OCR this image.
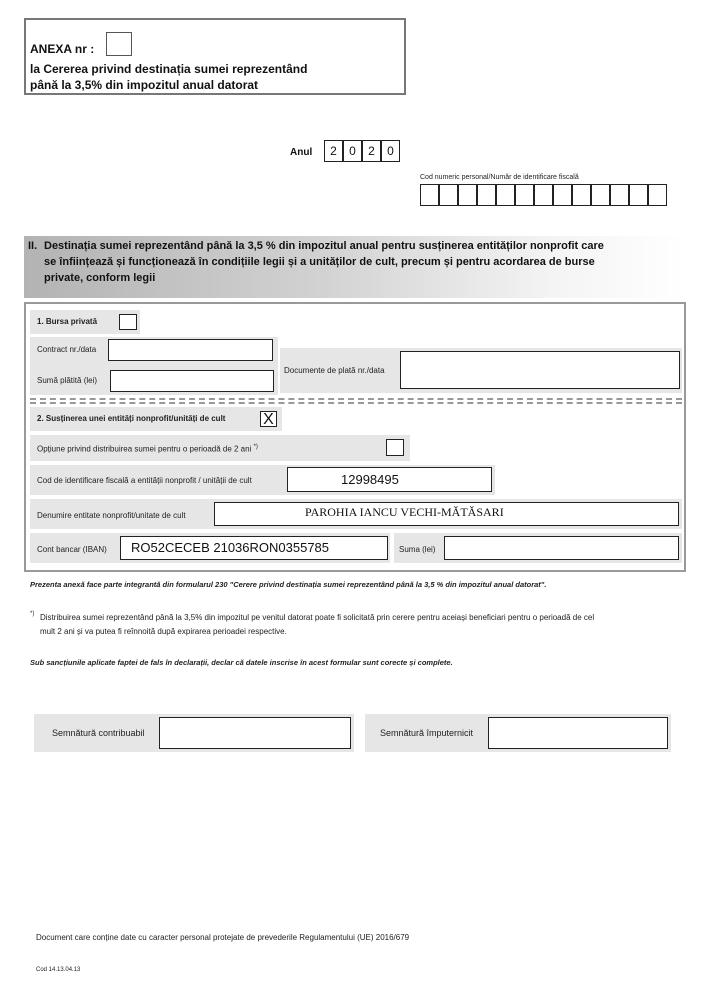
ANEXA nr :
la Cererea privind destinația sumei reprezentând
până la 3,5% din impozitul anual datorat
Anul	2	0	2	0
Cod numeric personal/Număr de identificare fiscală
II. Destinația sumei reprezentând până la 3,5 % din impozitul anual pentru susținerea entităților nonprofit care
se înființează și funcționează în condițiile legii și a unităților de cult, precum și pentru acordarea de burse
private, conform legii
1. Bursa privată
Contract nr./data
Sumă plătită (lei)
Documente de plată nr./data
2. Susținerea unei entități nonprofit/unități de cult X
Opțiune privind distribuirea sumei pentru o perioadă de 2 ani *)
Cod de identificare fiscală a entității nonprofit / unității de cult	12998495
Denumire entitate nonprofit/unitate de cult	PAROHIA IANCU VECHI-MĂTĂSARI
Cont bancar (IBAN) RO52CECEB 21036RON0355785	Suma (lei)
Prezenta anexă face parte integrantă din formularul 230 "Cerere privind destinația sumei reprezentând până la 3,5 % din impozitul anual datorat".
*) Distribuirea sumei reprezentând până la 3,5% din impozitul pe venitul datorat poate fi solicitată prin cerere pentru aceiași beneficiari pentru o perioadă de cel
mult 2 ani și va putea fi reînnoită după expirarea perioadei respective.
Sub sancțiunile aplicate faptei de fals în declarații, declar că datele inscrise în acest formular sunt corecte și complete.
Semnătură contribuabil	Semnătură împuternicit
Document care conține date cu caracter personal protejate de prevederile Regulamentului (UE) 2016/679
Cod 14.13.04.13
